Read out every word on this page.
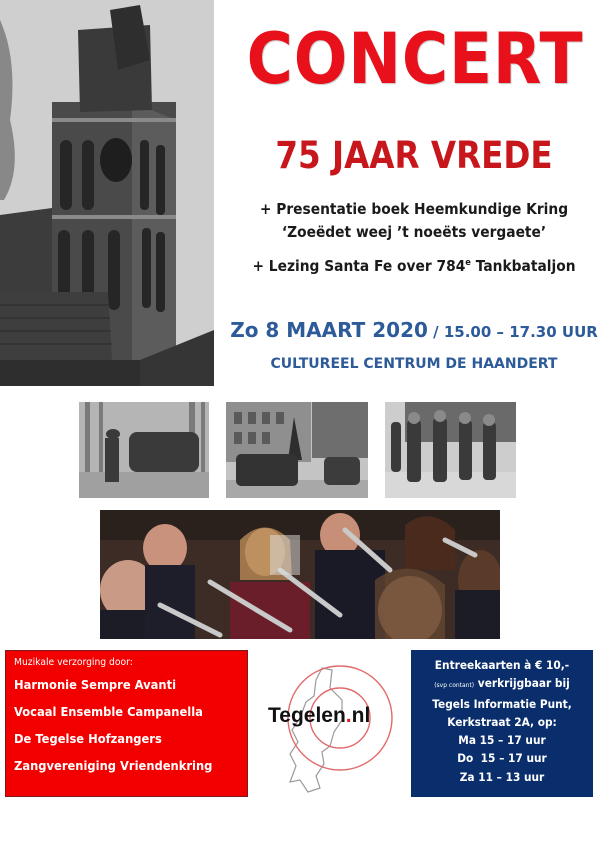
CONCERT
75 JAAR VREDE
+ Presentatie boek Heemkundige Kring
‘Zoeëdet weej ’t noeëts vergaete’
+ Lezing Santa Fe over 784e Tankbataljon
Zo 8 MAART 2020 / 15.00 – 17.30 UUR
CULTUREEL CENTRUM DE HAANDERT
Muzikale verzorging door:
Harmonie Sempre Avanti
Vocaal Ensemble Campanella
De Tegelse Hofzangers
Zangvereniging Vriendenkring
Tegelen.nl
Entreekaarten à € 10,-
(svp contant) verkrijgbaar bij
Tegels Informatie Punt,
Kerkstraat 2A, op:
Ma 15 – 17 uur
Do  15 – 17 uur
Za 11 – 13 uur
